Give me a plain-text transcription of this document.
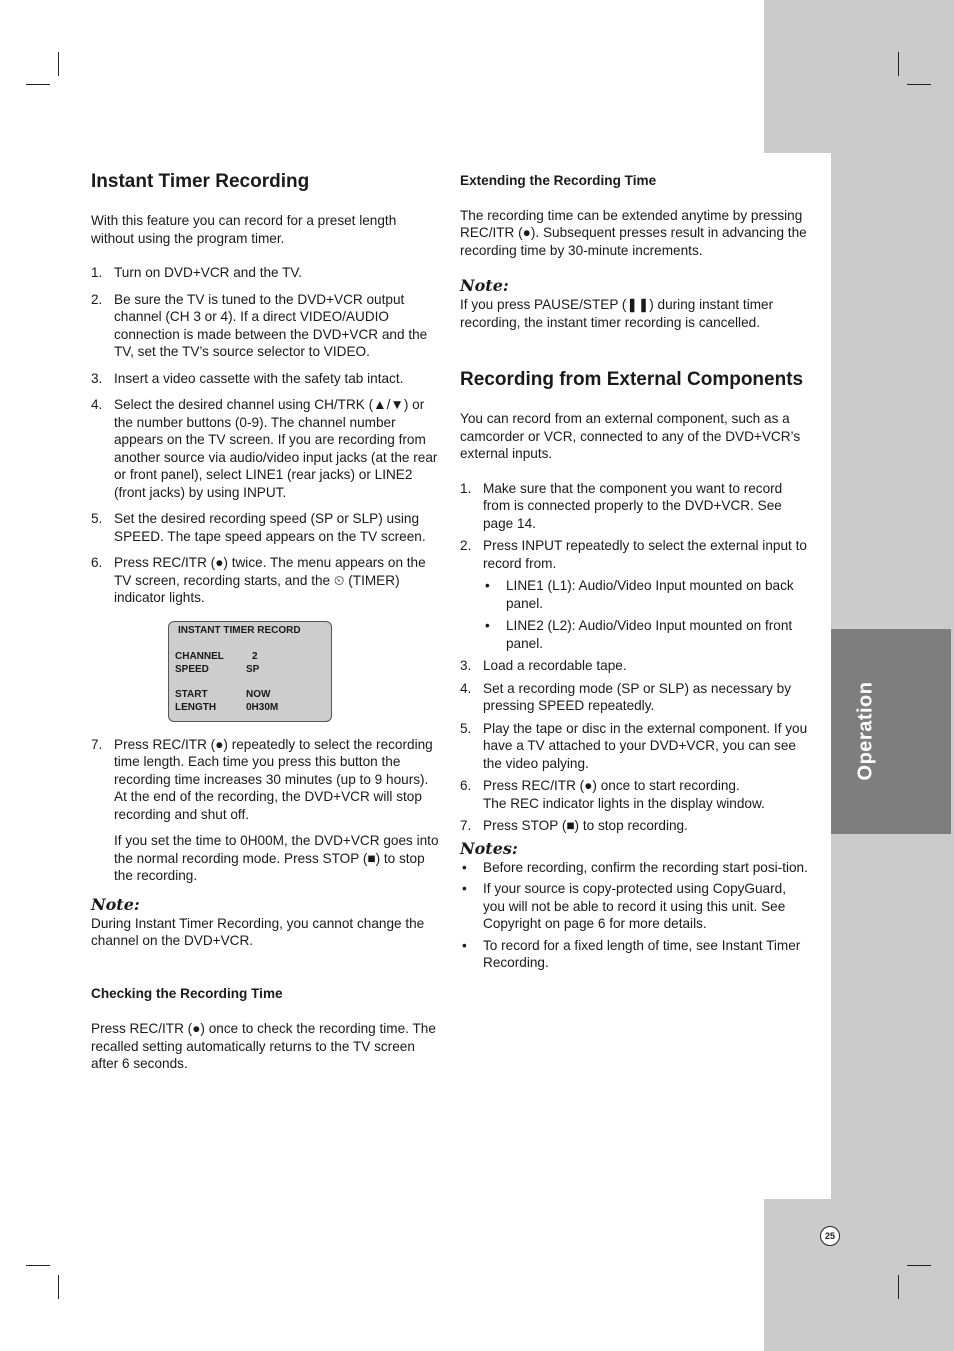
Operation
25
Instant Timer Recording

With this feature you can record for a preset length without using the program timer.

1. Turn on DVD+VCR and the TV.
2. Be sure the TV is tuned to the DVD+VCR output channel (CH 3 or 4). If a direct VIDEO/AUDIO connection is made between the DVD+VCR and the TV, set the TV’s source selector to VIDEO.
3. Insert a video cassette with the safety tab intact.
4. Select the desired channel using CH/TRK (▲/▼) or the number buttons (0-9). The channel number appears on the TV screen. If you are recording from another source via audio/video input jacks (at the rear or front panel), select LINE1 (rear jacks) or LINE2 (front jacks) by using INPUT.
5. Set the desired recording speed (SP or SLP) using SPEED. The tape speed appears on the TV screen.
6. Press REC/ITR (●) twice. The menu appears on the TV screen, recording starts, and the ⏲ (TIMER) indicator lights.
INSTANT TIMER RECORD
CHANNEL	2
SPEED	SP
START	NOW
LENGTH	0H30M
7. Press REC/ITR (●) repeatedly to select the recording time length. Each time you press this button the recording time increases 30 minutes (up to 9 hours). At the end of the recording, the DVD+VCR will stop recording and shut off.

If you set the time to 0H00M, the DVD+VCR goes into the normal recording mode. Press STOP (■) to stop the recording.

Note:

During Instant Timer Recording, you cannot change the channel on the DVD+VCR.

Checking the Recording Time

Press REC/ITR (●) once to check the recording time. The recalled setting automatically returns to the TV screen after 6 seconds.

Extending the Recording Time

The recording time can be extended anytime by pressing REC/ITR (●). Subsequent presses result in advancing the recording time by 30-minute increments.

Note:

If you press PAUSE/STEP (❚❚) during instant timer recording, the instant timer recording is cancelled.

Recording from External Components

You can record from an external component, such as a camcorder or VCR, connected to any of the DVD+VCR’s external inputs.

1. Make sure that the component you want to record from is connected properly to the DVD+VCR. See page 14.
2. Press INPUT repeatedly to select the external input to record from.
• LINE1 (L1): Audio/Video Input mounted on back panel.
• LINE2 (L2): Audio/Video Input mounted on front panel.
3. Load a recordable tape.
4. Set a recording mode (SP or SLP) as necessary by pressing SPEED repeatedly.
5. Play the tape or disc in the external component. If you have a TV attached to your DVD+VCR, you can see the video palying.
6. Press REC/ITR (●) once to start recording.
The REC indicator lights in the display window.
7. Press STOP (■) to stop recording.
Notes:
• Before recording, confirm the recording start posi-tion.
• If your source is copy-protected using CopyGuard, you will not be able to record it using this unit. See Copyright on page 6 for more details.
• To record for a fixed length of time, see Instant Timer Recording.
